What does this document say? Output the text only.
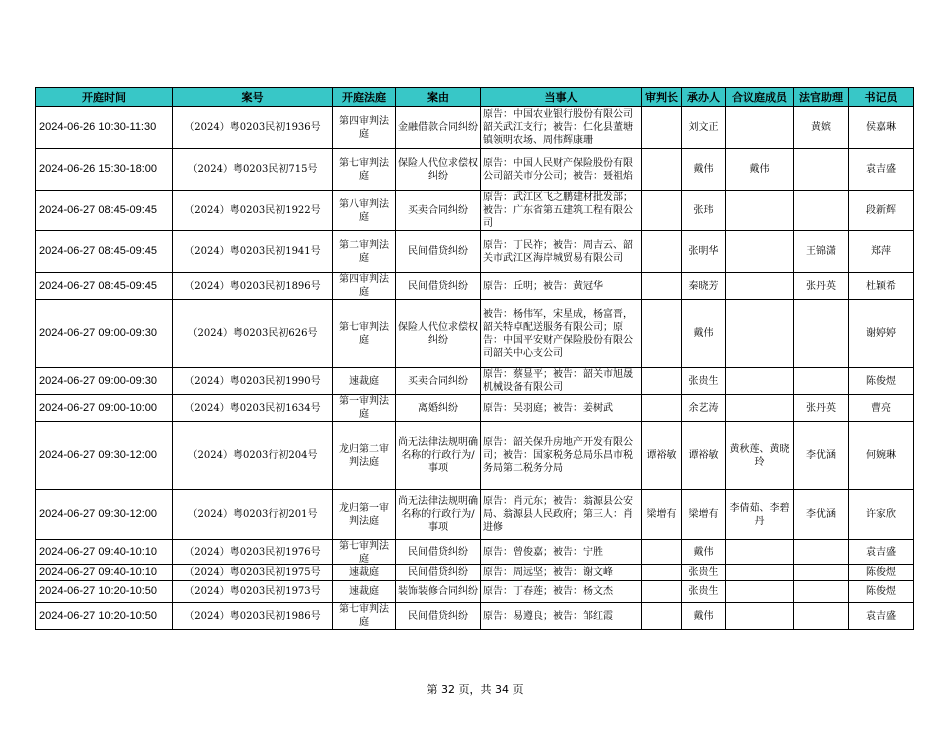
开庭时间	案号	开庭法庭	案由	当事人	审判长	承办人	合议庭成员	法官助理	书记员

2024-06-26 10:30-11:30	（2024）粤0203民初1936号	第四审判法庭	金融借款合同纠纷	原告：中国农业银行股份有限公司韶关武江支行；被告：仁化县董塘镇领明农场、周伟辉康珊		刘文正		黄嫔	侯嘉琳

2024-06-26 15:30-18:00	（2024）粤0203民初715号	第七审判法庭	保险人代位求偿权纠纷	原告：中国人民财产保险股份有限公司韶关市分公司；被告：聂祖焰		戴伟	戴伟		袁吉盛

2024-06-27 08:45-09:45	（2024）粤0203民初1922号	第八审判法庭	买卖合同纠纷	原告：武江区飞之鹏建材批发部；被告：广东省第五建筑工程有限公司		张玮			段新辉

2024-06-27 08:45-09:45	（2024）粤0203民初1941号	第二审判法庭	民间借贷纠纷	原告：丁民祚；被告：周吉云、韶关市武江区海岸城贸易有限公司		张明华		王锦潇	郑萍

2024-06-27 08:45-09:45	（2024）粤0203民初1896号	第四审判法庭	民间借贷纠纷	原告：丘明；被告：黄冠华		秦晓芳		张丹英	杜颖希

2024-06-27 09:00-09:30	（2024）粤0203民初626号	第七审判法庭	保险人代位求偿权纠纷	被告：杨伟军，宋星成，杨富晋，韶关特卓配送服务有限公司；原告：中国平安财产保险股份有限公司韶关中心支公司		戴伟			谢婷婷

2024-06-27 09:00-09:30	（2024）粤0203民初1990号	速裁庭	买卖合同纠纷	原告：蔡显平；被告：韶关市旭晟机械设备有限公司		张贵生			陈俊煜

2024-06-27 09:00-10:00	（2024）粤0203民初1634号	第一审判法庭	离婚纠纷	原告：吴羽庭；被告：姜树武		余艺涛		张丹英	曹亮

2024-06-27 09:30-12:00	（2024）粤0203行初204号	龙归第二审判法庭	尚无法律法规明确名称的行政行为/事项	原告：韶关保升房地产开发有限公司；被告：国家税务总局乐昌市税务局第二税务分局	谭裕敏	谭裕敏	黄秋莲、黄晓玲	李优涵	何婉琳

2024-06-27 09:30-12:00	（2024）粤0203行初201号	龙归第一审判法庭	尚无法律法规明确名称的行政行为/事项	原告：肖元东；被告：翁源县公安局、翁源县人民政府；第三人：肖进修	梁增有	梁增有	李倩茹、李碧丹	李优涵	许家欣

2024-06-27 09:40-10:10	（2024）粤0203民初1976号	第七审判法庭	民间借贷纠纷	原告：曾俊嘉；被告：宁胜		戴伟			袁吉盛

2024-06-27 09:40-10:10	（2024）粤0203民初1975号	速裁庭	民间借贷纠纷	原告：周远坚；被告：谢文峰		张贵生			陈俊煜

2024-06-27 10:20-10:50	（2024）粤0203民初1973号	速裁庭	装饰装修合同纠纷	原告：丁春莲；被告：杨文杰		张贵生			陈俊煜

2024-06-27 10:20-10:50	（2024）粤0203民初1986号	第七审判法庭	民间借贷纠纷	原告：易遵良；被告：邹红霞		戴伟			袁吉盛
第 32 页，共 34 页
